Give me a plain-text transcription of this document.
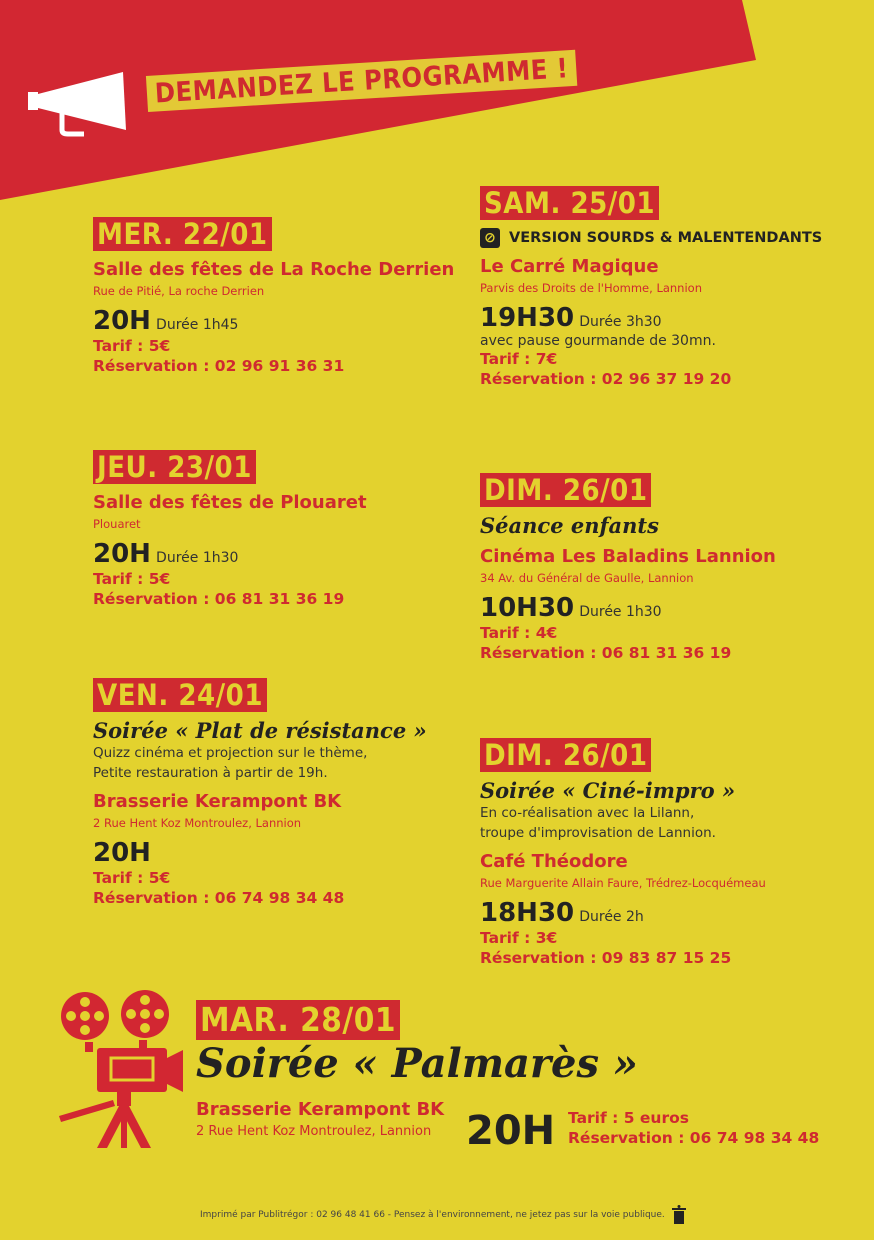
DEMANDEZ LE PROGRAMME !
MER. 22/01
Salle des fêtes de La Roche Derrien
Rue de Pitié, La roche Derrien
20H Durée 1h45
Tarif : 5€
Réservation : 02 96 91 36 31
JEU. 23/01
Salle des fêtes de Plouaret
Plouaret
20H Durée 1h30
Tarif : 5€
Réservation : 06 81 31 36 19
VEN. 24/01
Soirée « Plat de résistance »
Quizz cinéma et projection sur le thème,
Petite restauration à partir de 19h.
Brasserie Kerampont BK
2 Rue Hent Koz Montroulez, Lannion
20H
Tarif : 5€
Réservation : 06 74 98 34 48
SAM. 25/01
⊘ VERSION SOURDS & MALENTENDANTS
Le Carré Magique
Parvis des Droits de l'Homme, Lannion
19H30 Durée 3h30
avec pause gourmande de 30mn.
Tarif : 7€
Réservation : 02 96 37 19 20
DIM. 26/01
Séance enfants
Cinéma Les Baladins Lannion
34 Av. du Général de Gaulle, Lannion
10H30 Durée 1h30
Tarif : 4€
Réservation : 06 81 31 36 19
DIM. 26/01
Soirée « Ciné-impro »
En co-réalisation avec la Lilann,
troupe d'improvisation de Lannion.
Café Théodore
Rue Marguerite Allain Faure, Trédrez-Locquémeau
18H30 Durée 2h
Tarif : 3€
Réservation : 09 83 87 15 25
MAR. 28/01
Soirée « Palmarès »
Brasserie Kerampont BK
2 Rue Hent Koz Montroulez, Lannion 20H Tarif : 5 euros
Réservation : 06 74 98 34 48
Imprimé par Publitrégor : 02 96 48 41 66 - Pensez à l'environnement, ne jetez pas sur la voie publique.
